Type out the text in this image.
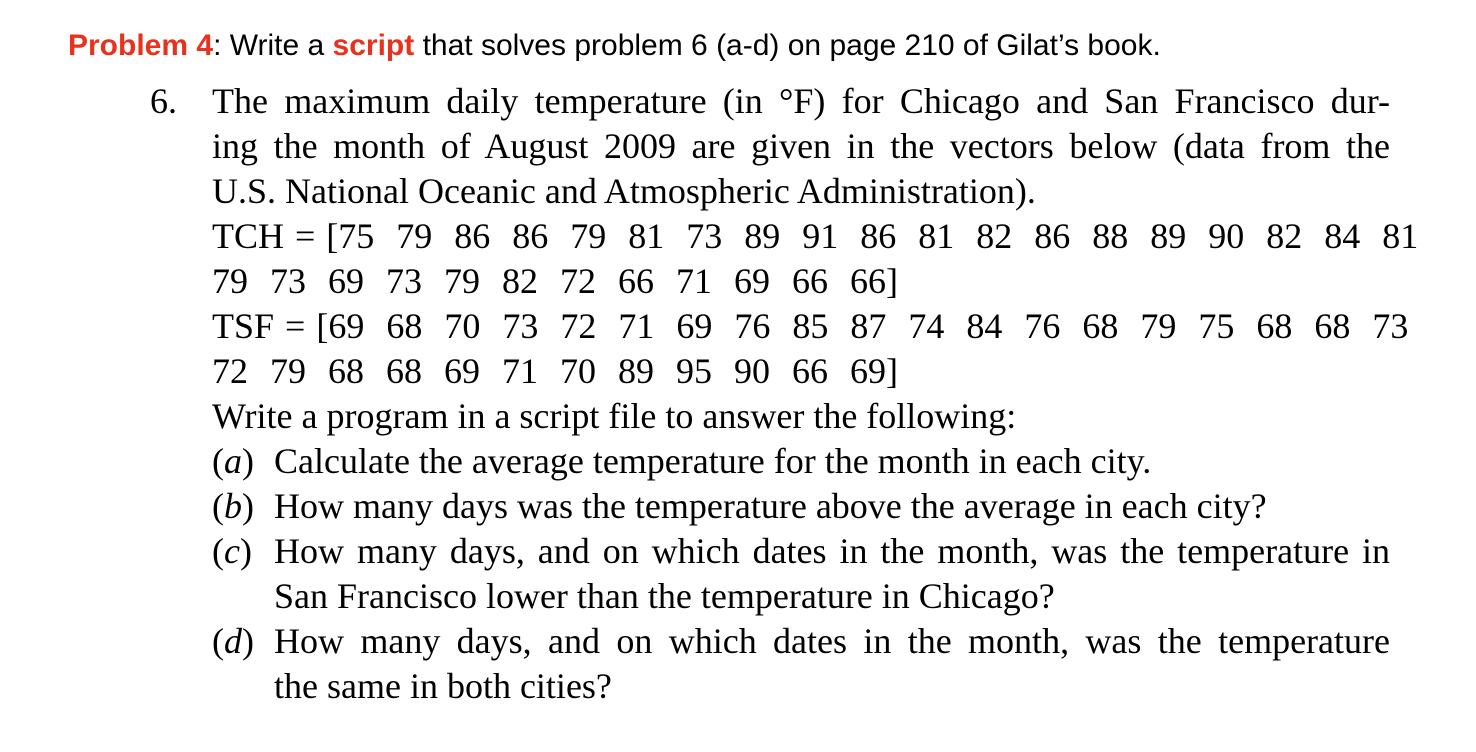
Problem 4: Write a script that solves problem 6 (a-d) on page 210 of Gilat’s book.
6. The maximum daily temperature (in °F) for Chicago and San Francisco dur-
ing the month of August 2009 are given in the vectors below (data from the
U.S. National Oceanic and Atmospheric Administration).
TCH = [75  79  86  86  79  81  73  89  91  86  81  82  86  88  89  90  82  84  81
79  73  69  73  79  82  72  66  71  69  66  66]
TSF = [69  68  70  73  72  71  69  76  85  87  74  84  76  68  79  75  68  68  73
72  79  68  68  69  71  70  89  95  90  66  69]
Write a program in a script file to answer the following:
(a) Calculate the average temperature for the month in each city.
(b) How many days was the temperature above the average in each city?
(c) How many days, and on which dates in the month, was the temperature in
San Francisco lower than the temperature in Chicago?
(d) How many days, and on which dates in the month, was the temperature
the same in both cities?
